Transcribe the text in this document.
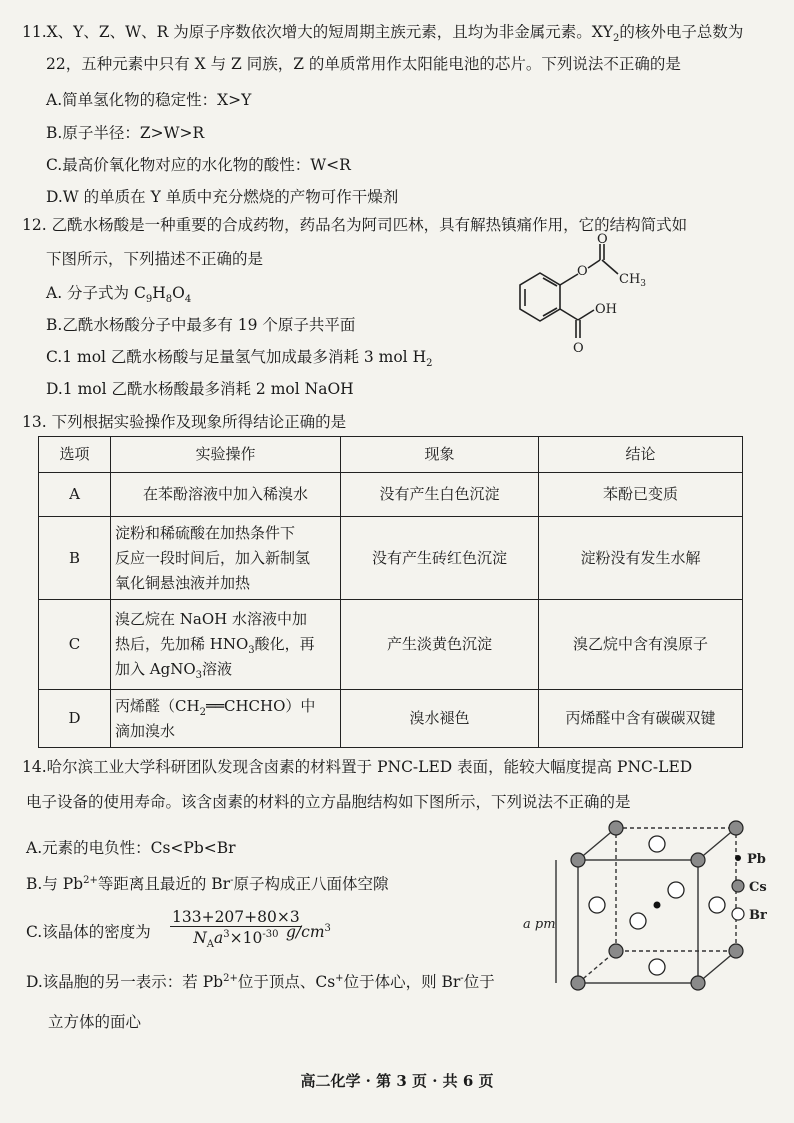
11.X、Y、Z、W、R 为原子序数依次增大的短周期主族元素，且均为非金属元素。$XY_2$的核外电子总数为
22，五种元素中只有 X 与 Z 同族，Z 的单质常用作太阳能电池的芯片。下列说法不正确的是
A.简单氢化物的稳定性：X>Y
B.原子半径：Z>W>R
C.最高价氧化物对应的水化物的酸性：W<R
D.W 的单质在 Y 单质中充分燃烧的产物可作干燥剂
12. 乙酰水杨酸是一种重要的合成药物，药品名为阿司匹林，具有解热镇痛作用，它的结构简式如
下图所示，下列描述不正确的是
A. 分子式为 $C_9H_8O_4$
B.乙酰水杨酸分子中最多有 19 个原子共平面
C.1 mol 乙酰水杨酸与足量氢气加成最多消耗 3 mol $H_2$
D.1 mol 乙酰水杨酸最多消耗 2 mol NaOH
O
O
$CH_3$
OH
O
13. 下列根据实验操作及现象所得结论正确的是
选项	实验操作	现象	结论
A	在苯酚溶液中加入稀溴水	没有产生白色沉淀	苯酚已变质
B	淀粉和稀硫酸在加热条件下
反应一段时间后，加入新制氢
氧化铜悬浊液并加热	没有产生砖红色沉淀	淀粉没有发生水解
C	溴乙烷在 NaOH 水溶液中加
热后，先加稀 $HNO_3$酸化，再
加入 AgNO$_3$溶液	产生淡黄色沉淀	溴乙烷中含有溴原子
D	丙烯醛$(CH_2══CHCHO)$中
滴加溴水	溴水褪色	丙烯醛中含有碳碳双键
14.哈尔滨工业大学科研团队发现含卤素的材料置于 PNC-LED 表面，能较大幅度提高 PNC-LED
电子设备的使用寿命。该含卤素的材料的立方晶胞结构如下图所示，下列说法不正确的是
A.元素的电负性：Cs<Pb<Br
B.与 $Pb^{2+}$等距离且最近的 Br-原子构成正八面体空隙
C.该晶体的密度为
133+207+80×3
$N_Aa^3\times 10^{-30}$ $g/cm^3$
D.该晶胞的另一表示：若 $Pb^{2+}$位于顶点、Cs+位于体心，则 Br-位于
立方体的面心
a pm
Pb
Cs
Br
高二化学 · 第 3 页 · 共 6 页
